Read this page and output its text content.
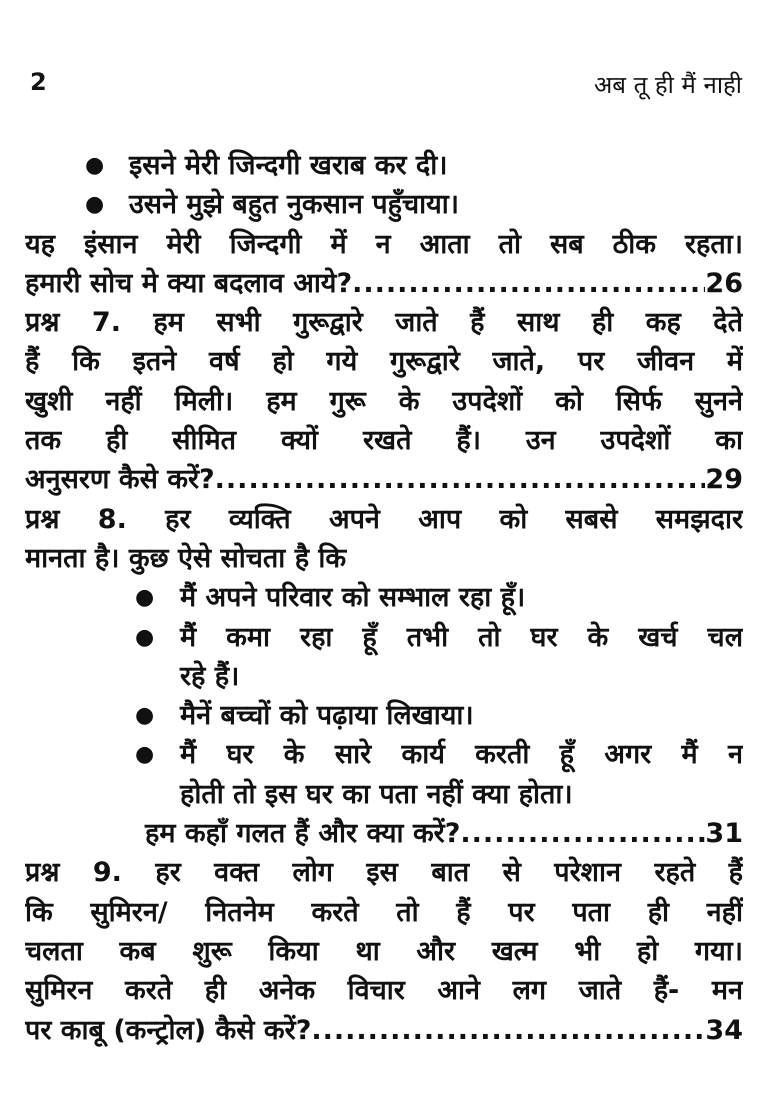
2	अब तू ही मैं नाही
● इसने मेरी जिन्दगी खराब कर दी।
● उसने मुझे बहुत नुकसान पहुँचाया।
यह इंसान मेरी जिन्दगी में न आता तो सब ठीक रहता।
हमारी सोच मे क्या बदलाव आये? .....	26
प्रश्न 7. हम सभी गुरूद्वारे जाते हैं साथ ही कह देते
हैं कि इतने वर्ष हो गये गुरूद्वारे जाते, पर जीवन में
खुशी नहीं मिली। हम गुरू के उपदेशों को सिर्फ सुनने
तक ही सीमित क्यों रखते हैं। उन उपदेशों का
अनुसरण कैसे करें? .....	29
प्रश्न 8. हर व्यक्ति अपने आप को सबसे समझदार
मानता है। कुछ ऐसे सोचता है कि
● मैं अपने परिवार को सम्भाल रहा हूँ।
● मैं कमा रहा हूँ तभी तो घर के खर्च चल
रहे हैं।
● मैनें बच्चों को पढ़ाया लिखाया।
● मैं घर के सारे कार्य करती हूँ अगर मैं न
होती तो इस घर का पता नहीं क्या होता।
हम कहाँ गलत हैं और क्या करें? .....	31
प्रश्न 9. हर वक्त लोग इस बात से परेशान रहते हैं
कि सुमिरन/ नितनेम करते तो हैं पर पता ही नहीं
चलता कब शुरू किया था और खत्म भी हो गया।
सुमिरन करते ही अनेक विचार आने लग जाते हैं- मन
पर काबू (कन्ट्रोल) कैसे करें? .....	34
